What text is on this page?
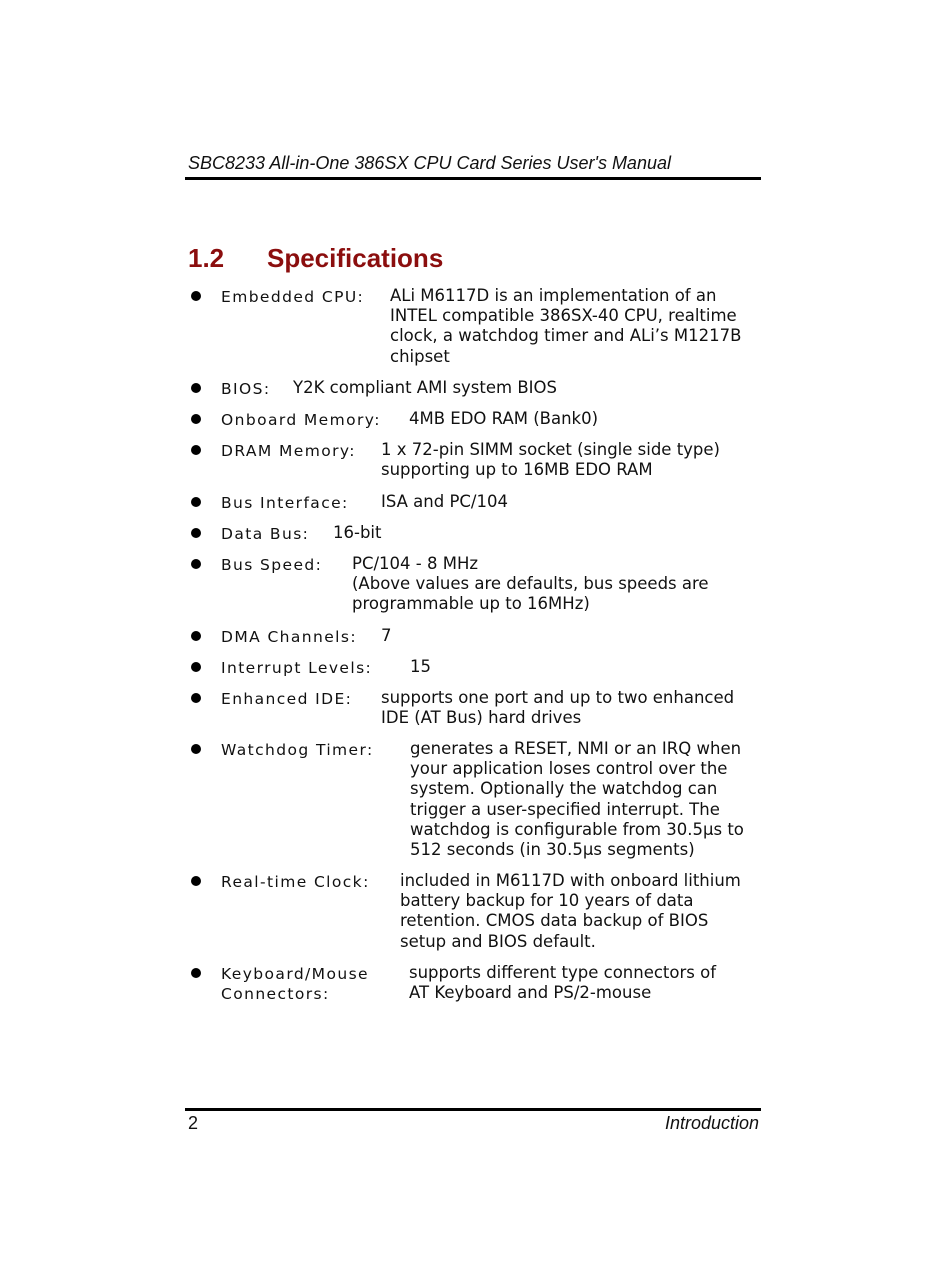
SBC8233 All-in-One 386SX CPU Card Series User's Manual
1.2 Specifications
Embedded CPU: ALi M6117D is an implementation of an
INTEL compatible 386SX-40 CPU, realtime
clock, a watchdog timer and ALi’s M1217B
chipset
BIOS: Y2K compliant AMI system BIOS
Onboard Memory: 4MB EDO RAM (Bank0)
DRAM Memory: 1 x 72-pin SIMM socket (single side type)
supporting up to 16MB EDO RAM
Bus Interface: ISA and PC/104
Data Bus: 16-bit
Bus Speed: PC/104 - 8 MHz
(Above values are defaults, bus speeds are
programmable up to 16MHz)
DMA Channels: 7
Interrupt Levels: 15
Enhanced IDE: supports one port and up to two enhanced
IDE (AT Bus) hard drives
Watchdog Timer: generates a RESET, NMI or an IRQ when
your application loses control over the
system. Optionally the watchdog can
trigger a user-specified interrupt. The
watchdog is configurable from 30.5µs to
512 seconds (in 30.5µs segments)
Real-time Clock: included in M6117D with onboard lithium
battery backup for 10 years of data
retention. CMOS data backup of BIOS
setup and BIOS default.
Keyboard/Mouse
Connectors:
supports different type connectors of
AT Keyboard and PS/2-mouse
2	Introduction
